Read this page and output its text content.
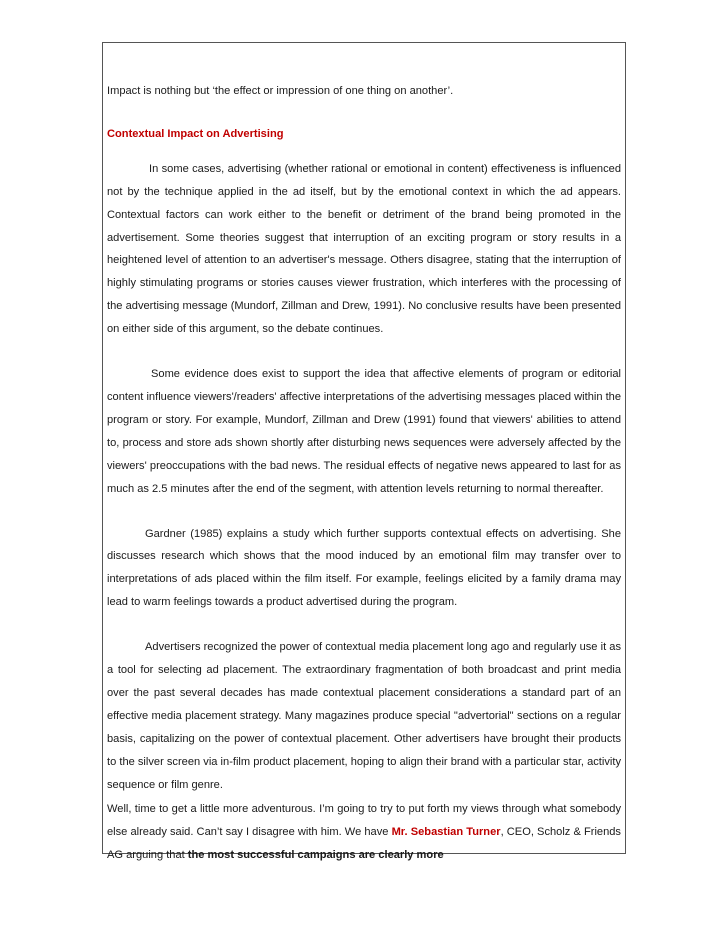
Impact is nothing but ‘the effect or impression of one thing on another’.

Contextual Impact on Advertising

In some cases, advertising (whether rational or emotional in content) effectiveness is influenced not by the technique applied in the ad itself, but by the emotional context in which the ad appears. Contextual factors can work either to the benefit or detriment of the brand being promoted in the advertisement. Some theories suggest that interruption of an exciting program or story results in a heightened level of attention to an advertiser's message. Others disagree, stating that the interruption of highly stimulating programs or stories causes viewer frustration, which interferes with the processing of the advertising message (Mundorf, Zillman and Drew, 1991). No conclusive results have been presented on either side of this argument, so the debate continues.

Some evidence does exist to support the idea that affective elements of program or editorial content influence viewers'/readers' affective interpretations of the advertising messages placed within the program or story. For example, Mundorf, Zillman and Drew (1991) found that viewers' abilities to attend to, process and store ads shown shortly after disturbing news sequences were adversely affected by the viewers' preoccupations with the bad news. The residual effects of negative news appeared to last for as much as 2.5 minutes after the end of the segment, with attention levels returning to normal thereafter.

Gardner (1985) explains a study which further supports contextual effects on advertising. She discusses research which shows that the mood induced by an emotional film may transfer over to interpretations of ads placed within the film itself. For example, feelings elicited by a family drama may lead to warm feelings towards a product advertised during the program.

Advertisers recognized the power of contextual media placement long ago and regularly use it as a tool for selecting ad placement. The extraordinary fragmentation of both broadcast and print media over the past several decades has made contextual placement considerations a standard part of an effective media placement strategy. Many magazines produce special "advertorial" sections on a regular basis, capitalizing on the power of contextual placement. Other advertisers have brought their products to the silver screen via in-film product placement, hoping to align their brand with a particular star, activity sequence or film genre.

Well, time to get a little more adventurous. I’m going to try to put forth my views through what somebody else already said. Can’t say I disagree with him. We have Mr. Sebastian Turner, CEO, Scholz & Friends AG arguing that the most successful campaigns are clearly more
